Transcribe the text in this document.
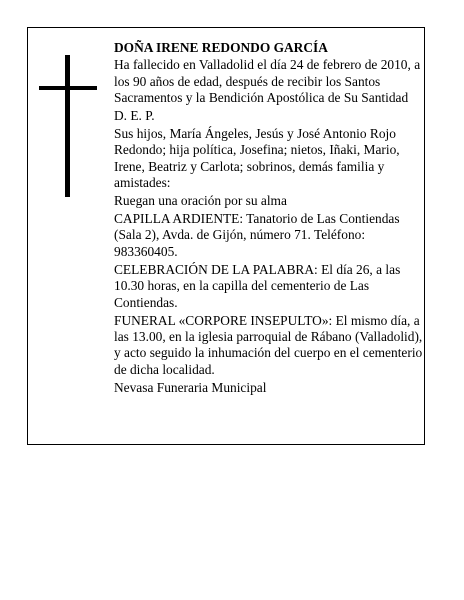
DOÑA IRENE REDONDO GARCÍA

Ha fallecido en Valladolid el día 24 de febrero de 2010, a los 90 años de edad, después de recibir los Santos Sacramentos y la Bendición Apostólica de Su Santidad

D. E. P.

Sus hijos, María Ángeles, Jesús y José Antonio Rojo Redondo; hija política, Josefina; nietos, Iñaki, Mario, Irene, Beatriz y Carlota; sobrinos, demás familia y amistades:

Ruegan una oración por su alma

CAPILLA ARDIENTE: Tanatorio de Las Contiendas (Sala 2), Avda. de Gijón, número 71. Teléfono: 983360405.

CELEBRACIÓN DE LA PALABRA: El día 26, a las 10.30 horas, en la capilla del cementerio de Las Contiendas.

FUNERAL «CORPORE INSEPULTO»: El mismo día, a las 13.00, en la iglesia parroquial de Rábano (Valladolid), y acto seguido la inhumación del cuerpo en el cementerio de dicha localidad.

Nevasa Funeraria Municipal
